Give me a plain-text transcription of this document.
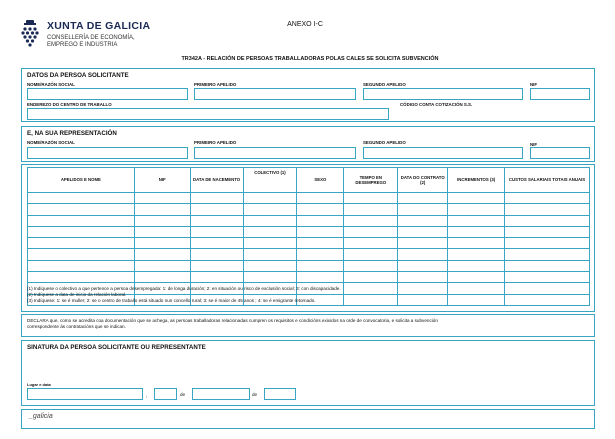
XUNTA DE GALICIA
CONSELLERÍA DE ECONOMÍA,
EMPREGO E INDUSTRIA
ANEXO I-C
TR342A - RELACIÓN DE PERSOAS TRABALLADORAS POLAS CALES SE SOLICITA SUBVENCIÓN
DATOS DA PERSOA SOLICITANTE
NOME/RAZÓN SOCIAL	PRIMEIRO APELIDO	SEGUNDO APELIDO	NIF
ENDEREZO DO CENTRO DE TRABALLO	CÓDIGO CONTA COTIZACIÓN S.S.
E, NA SUA REPRESENTACIÓN
NOME/RAZÓN SOCIAL	PRIMEIRO APELIDO	SEGUNDO APELIDO	NIF
APELIDOS E NOME	NIF	DATA DE NACEMENTO	COLECTIVO (1)	SEXO	TEMPO EN DESEMPREGO	DATA DO CONTRATO (2)	INCREMENTOS (3)	CUSTOS SALARIAIS TOTAIS ANUAIS

(1) Indíquese o colectivo a que pertence a persoa desempregada: 1: de longa duración; 2: en situación ou risco de exclusión social; 3: con discapacidade.
(2) Indíquese a data de inicio da relación laboral.
(3) Indíquese: 1: se é muller; 2: se o centro de traballo está situado nun concello rural; 3: se é maior de 45 anos ; 4: se é emigrante retornado.
DECLARA que, como se acredita coa documentación que se achega, as persoas traballadoras relacionadas cumpren os requisitos e condicións exixidos na orde de convocatoria, e solicita a subvención
correspondente ás contratacións que se indican.
SINATURA DA PERSOA SOLICITANTE OU REPRESENTANTE
Lugar e data
,	de	de
_galicia
